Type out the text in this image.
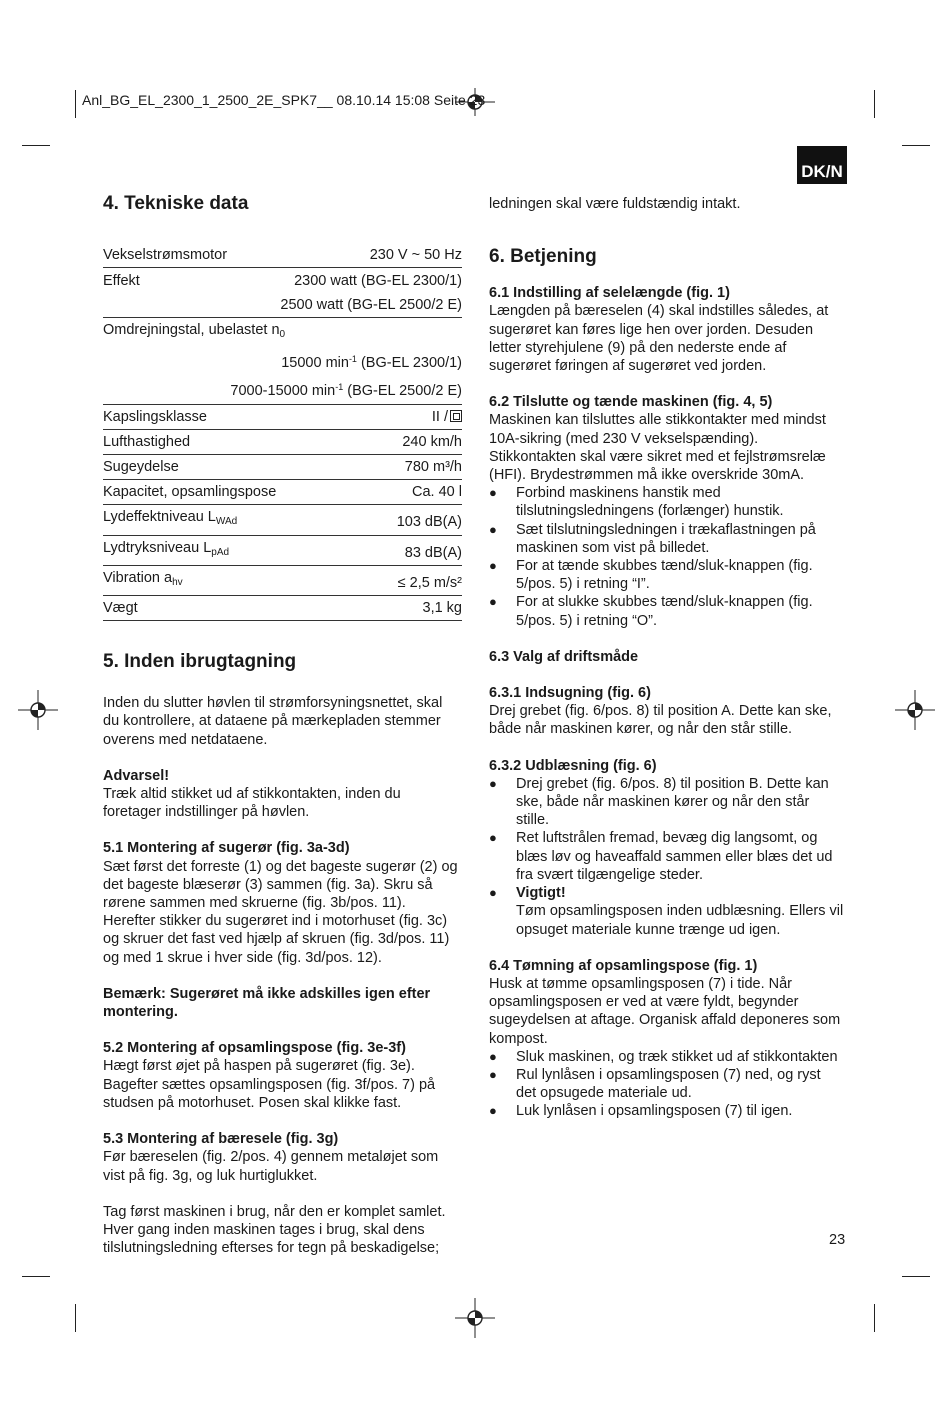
Anl_BG_EL_2300_1_2500_2E_SPK7__ 08.10.14 15:08 Seite 23
DK/N
4. Tekniske data
Vekselstrømsmotor	230 V ~ 50 Hz
Effekt	2300 watt (BG-EL 2300/1)
2500 watt (BG-EL 2500/2 E)
Omdrejningstal, ubelastet $n_0$
15000 $\min^{-1} (BG-EL$ 2300/1)
7000-15000 $\min^{-1} (BG-EL$ 2500/2 E)
Kapslingsklasse	II /
Lufthastighed	240 km/h
Sugeydelse	780 m³/h
Kapacitet, opsamlingspose	Ca. 40 l
Lydeffektniveau $L_{WAd}$	103 dB(A)
Lydtryksniveau $L_{pAd}$	83 dB(A)
Vibration $a_{hv}$	≤ 2,5 m/s²
Vægt	3,1 kg
5. Inden ibrugtagning

Inden du slutter høvlen til strømforsyningsnettet, skal du kontrollere, at dataene på mærkepladen stemmer overens med netdataene.

Advarsel!

Træk altid stikket ud af stikkontakten, inden du foretager indstillinger på høvlen.

5.1 Montering af sugerør (fig. 3a-3d)

Sæt først det forreste (1) og det bageste sugerør (2) og det bageste blæserør (3) sammen (fig. 3a). Skru så rørene sammen med skruerne (fig. 3b/pos. 11). Herefter stikker du sugerøret ind i motorhuset (fig. 3c) og skruer det fast ved hjælp af skruen (fig. 3d/pos. 11) og med 1 skrue i hver side (fig. 3d/pos. 12).

Bemærk: Sugerøret må ikke adskilles igen efter montering.
5.2 Montering af opsamlingspose (fig. 3e-3f)

Hægt først øjet på haspen på sugerøret (fig. 3e). Bagefter sættes opsamlingsposen (fig. 3f/pos. 7) på studsen på motorhuset. Posen skal klikke fast.

5.3 Montering af bæresele (fig. 3g)

Før bæreselen (fig. 2/pos. 4) gennem metaløjet som vist på fig. 3g, og luk hurtiglukket.

Tag først maskinen i brug, når den er komplet samlet. Hver gang inden maskinen tages i brug, skal dens tilslutningsledning efterses for tegn på beskadigelse;

ledningen skal være fuldstændig intakt.

6. Betjening
6.1 Indstilling af selelængde (fig. 1)

Længden på bæreselen (4) skal indstilles således, at sugerøret kan føres lige hen over jorden. Desuden letter styrehjulene (9) på den nederste ende af sugerøret føringen af sugerøret ved jorden.

6.2 Tilslutte og tænde maskinen (fig. 4, 5)

Maskinen kan tilsluttes alle stikkontakter med mindst 10A-sikring (med 230 V vekselspænding). Stikkontakten skal være sikret med et fejlstrømsrelæ (HFI). Brydestrømmen må ikke overskride 30mA.

●	Forbind maskinens hanstik med tilslutningsledningens (forlænger) hunstik.
●	Sæt tilslutningsledningen i trækaflastningen på maskinen som vist på billedet.
●	For at tænde skubbes tænd/sluk-knappen (fig. 5/pos. 5) i retning “I”.
●	For at slukke skubbes tænd/sluk-knappen (fig. 5/pos. 5) i retning “O”.
6.3 Valg af driftsmåde
6.3.1 Indsugning (fig. 6)

Drej grebet (fig. 6/pos. 8) til position A. Dette kan ske, både når maskinen kører, og når den står stille.

6.3.2 Udblæsning (fig. 6)
●	Drej grebet (fig. 6/pos. 8) til position B. Dette kan ske, både når maskinen kører og når den står stille.
●	Ret luftstrålen fremad, bevæg dig langsomt, og blæs løv og haveaffald sammen eller blæs det ud fra svært tilgængelige steder.
●	Vigtigt!
Tøm opsamlingsposen inden udblæsning. Ellers vil opsuget materiale kunne trænge ud igen.
6.4 Tømning af opsamlingspose (fig. 1)

Husk at tømme opsamlingsposen (7) i tide. Når opsamlingsposen er ved at være fyldt, begynder sugeydelsen at aftage. Organisk affald deponeres som kompost.

●	Sluk maskinen, og træk stikket ud af stikkontakten
●	Rul lynlåsen i opsamlingsposen (7) ned, og ryst det opsugede materiale ud.
●	Luk lynlåsen i opsamlingsposen (7) til igen.
23
